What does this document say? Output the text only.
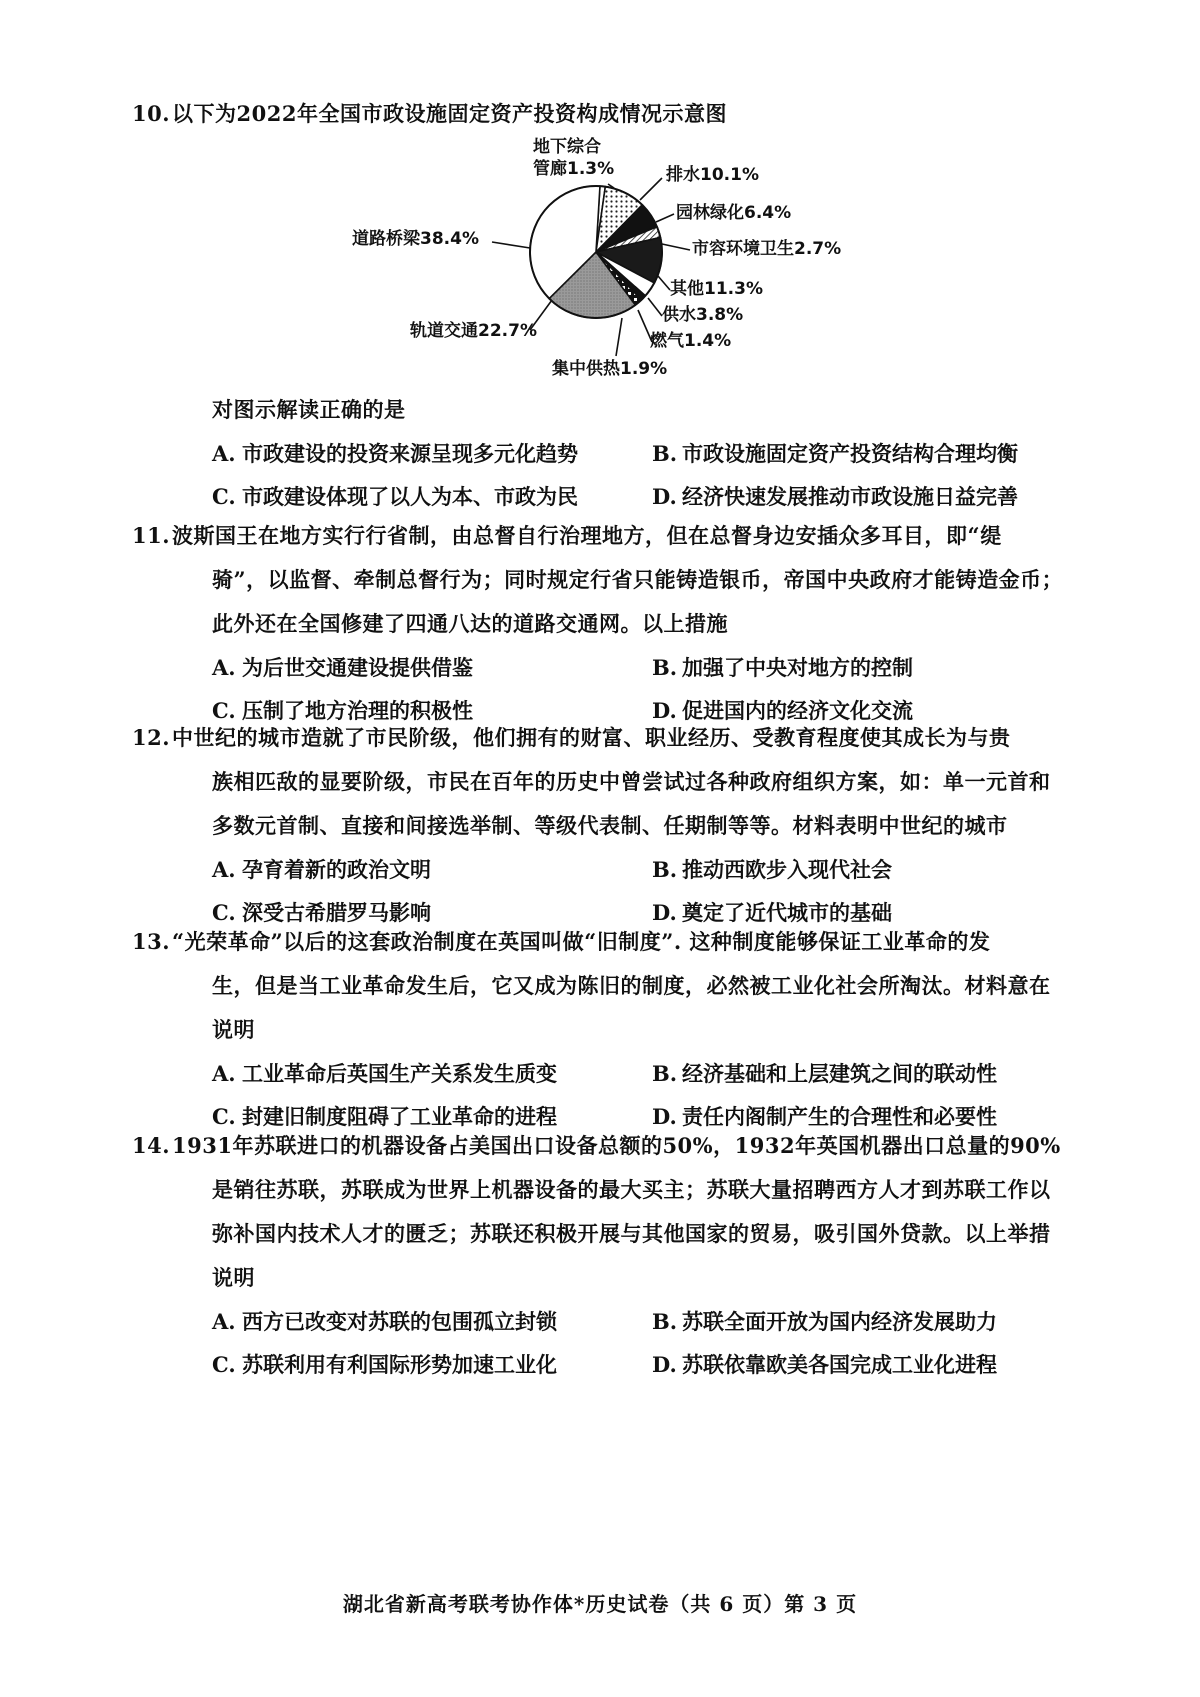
10.以下为2022年全国市政设施固定资产投资构成情况示意图
地下综合
管廊1.3%	排水10.1%
园林绿化6.4%
市容环境卫生2.7%
其他11.3%
供水3.8%
燃气1.4%
集中供热1.9%
轨道交通22.7%
道路桥梁38.4%
对图示解读正确的是
A. 市政建设的投资来源呈现多元化趋势	B. 市政设施固定资产投资结构合理均衡
C. 市政建设体现了以人为本、市政为民	D. 经济快速发展推动市政设施日益完善
11.波斯国王在地方实行行省制，由总督自行治理地方，但在总督身边安插众多耳目，即“缇
骑”，以监督、牵制总督行为；同时规定行省只能铸造银币，帝国中央政府才能铸造金币；
此外还在全国修建了四通八达的道路交通网。以上措施
A. 为后世交通建设提供借鉴	B. 加强了中央对地方的控制
C. 压制了地方治理的积极性	D. 促进国内的经济文化交流
12.中世纪的城市造就了市民阶级，他们拥有的财富、职业经历、受教育程度使其成长为与贵
族相匹敌的显要阶级，市民在百年的历史中曾尝试过各种政府组织方案，如：单一元首和
多数元首制、直接和间接选举制、等级代表制、任期制等等。材料表明中世纪的城市
A. 孕育着新的政治文明	B. 推动西欧步入现代社会
C. 深受古希腊罗马影响	D. 奠定了近代城市的基础
13.“光荣革命”以后的这套政治制度在英国叫做“旧制度”. 这种制度能够保证工业革命的发
生，但是当工业革命发生后，它又成为陈旧的制度，必然被工业化社会所淘汰。材料意在
说明
A. 工业革命后英国生产关系发生质变	B. 经济基础和上层建筑之间的联动性
C. 封建旧制度阻碍了工业革命的进程	D. 责任内阁制产生的合理性和必要性
14.1931年苏联进口的机器设备占美国出口设备总额的50%，1932年英国机器出口总量的90%
是销往苏联，苏联成为世界上机器设备的最大买主；苏联大量招聘西方人才到苏联工作以
弥补国内技术人才的匮乏；苏联还积极开展与其他国家的贸易，吸引国外贷款。以上举措
说明
A. 西方已改变对苏联的包围孤立封锁	B. 苏联全面开放为国内经济发展助力
C. 苏联利用有利国际形势加速工业化	D. 苏联依靠欧美各国完成工业化进程
湖北省新高考联考协作体*历史试卷（共 6 页）第 3 页
